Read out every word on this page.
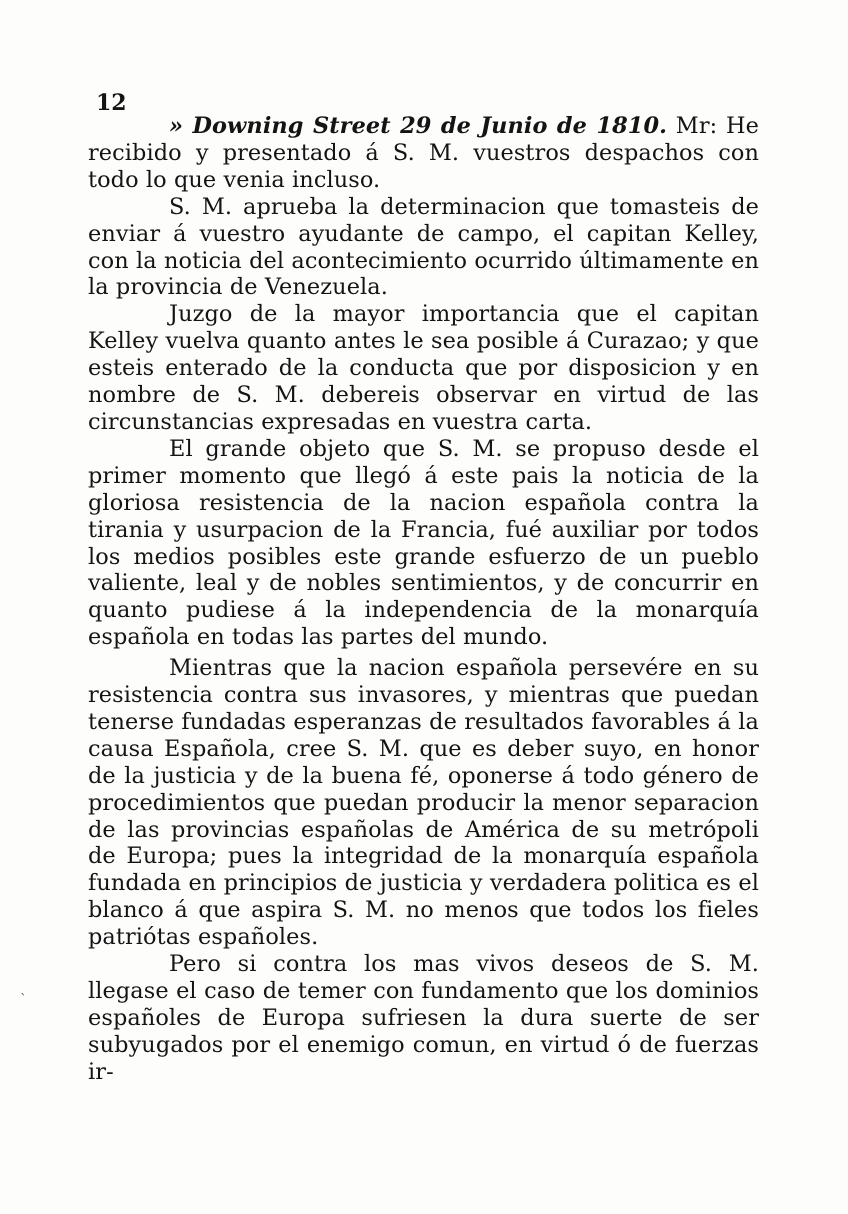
12

» Downing Street 29 de Junio de 1810. Mr: He recibido y presentado á S. M. vuestros despachos con todo lo que venia incluso.

S. M. aprueba la determinacion que tomasteis de enviar á vuestro ayudante de campo, el capitan Kelley, con la noticia del acontecimiento ocurrido últimamente en la provincia de Venezuela.

Juzgo de la mayor importancia que el capitan Kelley vuelva quanto antes le sea posible á Curazao; y que esteis enterado de la conducta que por disposicion y en nombre de S. M. debereis observar en virtud de las circunstancias expresadas en vuestra carta.

El grande objeto que S. M. se propuso desde el primer momento que llegó á este pais la noticia de la gloriosa resistencia de la nacion española contra la tirania y usurpacion de la Francia, fué auxiliar por todos los medios posibles este grande esfuerzo de un pueblo valiente, leal y de nobles sentimientos, y de concurrir en quanto pudiese á la independencia de la monarquía española en todas las partes del mundo.

Mientras que la nacion española persevére en su resistencia contra sus invasores, y mientras que puedan tenerse fundadas esperanzas de resultados favorables á la causa Española, cree S. M. que es deber suyo, en honor de la justicia y de la buena fé, oponerse á todo género de procedimientos que puedan producir la menor separacion de las provincias españolas de América de su metrópoli de Europa; pues la integridad de la monarquía española fundada en principios de justicia y verdadera politica es el blanco á que aspira S. M. no menos que todos los fieles patriótas españoles.

Pero si contra los mas vivos deseos de S. M. llegase el caso de temer con fundamento que los dominios españoles de Europa sufriesen la dura suerte de ser subyugados por el enemigo comun, en virtud ó de fuerzas ir-

`
